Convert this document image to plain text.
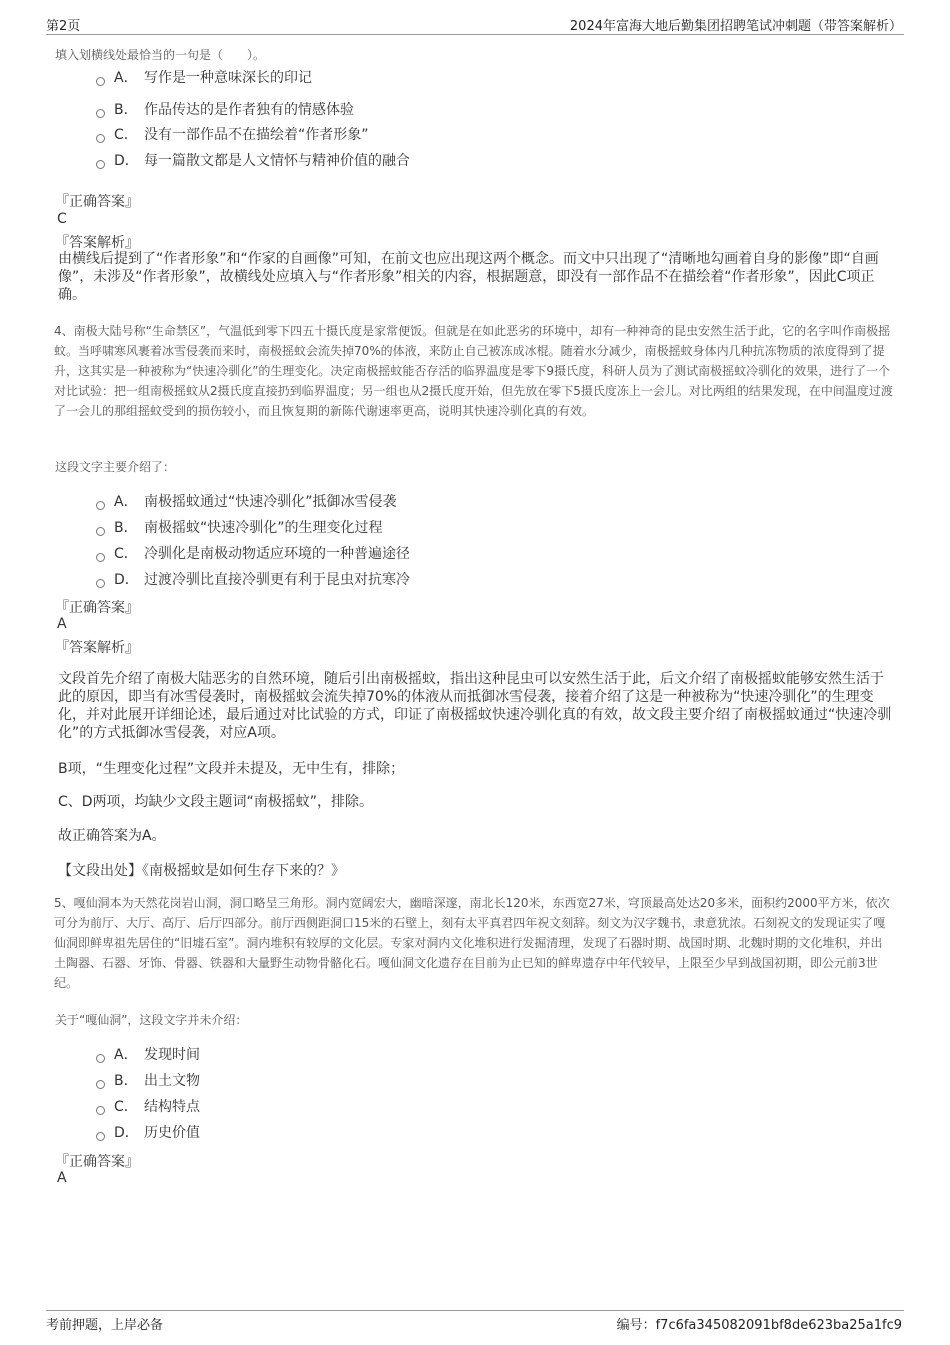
第2页	2024年富海大地后勤集团招聘笔试冲刺题（带答案解析）
填入划横线处最恰当的一句是（　　）。
A． 写作是一种意味深长的印记
B． 作品传达的是作者独有的情感体验
C． 没有一部作品不在描绘着“作者形象”
D． 每一篇散文都是人文情怀与精神价值的融合
『正确答案』
C
『答案解析』
由横线后提到了“作者形象”和“作家的自画像”可知，在前文也应出现这两个概念。而文中只出现了“清晰地勾画着自身的影像”即“自画像”，未涉及“作者形象”，故横线处应填入与“作者形象”相关的内容，根据题意，即没有一部作品不在描绘着“作者形象”，因此C项正确。
4、南极大陆号称“生命禁区”，气温低到零下四五十摄氏度是家常便饭。但就是在如此恶劣的环境中，却有一种神奇的昆虫安然生活于此，它的名字叫作南极摇蚊。当呼啸寒风裹着冰雪侵袭而来时，南极摇蚊会流失掉70%的体液，来防止自己被冻成冰棍。随着水分减少，南极摇蚊身体内几种抗冻物质的浓度得到了提升，这其实是一种被称为“快速冷驯化”的生理变化。决定南极摇蚊能否存活的临界温度是零下9摄氏度，科研人员为了测试南极摇蚊冷驯化的效果，进行了一个对比试验：把一组南极摇蚊从2摄氏度直接扔到临界温度；另一组也从2摄氏度开始，但先放在零下5摄氏度冻上一会儿。对比两组的结果发现，在中间温度过渡了一会儿的那组摇蚊受到的损伤较小，而且恢复期的新陈代谢速率更高，说明其快速冷驯化真的有效。
这段文字主要介绍了：
A． 南极摇蚊通过“快速冷驯化”抵御冰雪侵袭
B． 南极摇蚊“快速冷驯化”的生理变化过程
C． 冷驯化是南极动物适应环境的一种普遍途径
D． 过渡冷驯比直接冷驯更有利于昆虫对抗寒冷
『正确答案』
A
『答案解析』
文段首先介绍了南极大陆恶劣的自然环境，随后引出南极摇蚊，指出这种昆虫可以安然生活于此，后文介绍了南极摇蚊能够安然生活于此的原因，即当有冰雪侵袭时，南极摇蚊会流失掉70%的体液从而抵御冰雪侵袭，接着介绍了这是一种被称为“快速冷驯化”的生理变化，并对此展开详细论述，最后通过对比试验的方式，印证了南极摇蚊快速冷驯化真的有效，故文段主要介绍了南极摇蚊通过“快速冷驯化”的方式抵御冰雪侵袭，对应A项。
B项，“生理变化过程”文段并未提及，无中生有，排除；
C、D两项，均缺少文段主题词“南极摇蚊”，排除。
故正确答案为A。
【文段出处】《南极摇蚊是如何生存下来的？》
5、嘎仙洞本为天然花岗岩山洞，洞口略呈三角形。洞内宽阔宏大，幽暗深邃，南北长120米，东西宽27米，穹顶最高处达20多米，面积约2000平方米，依次可分为前厅、大厅、高厅、后厅四部分。前厅西侧距洞口15米的石壁上，刻有太平真君四年祝文刻辞。刻文为汉字魏书，隶意犹浓。石刻祝文的发现证实了嘎仙洞即鲜卑祖先居住的“旧墟石室”。洞内堆积有较厚的文化层。专家对洞内文化堆积进行发掘清理，发现了石器时期、战国时期、北魏时期的文化堆积，并出土陶器、石器、牙饰、骨器、铁器和大量野生动物骨骼化石。嘎仙洞文化遗存在目前为止已知的鲜卑遗存中年代较早，上限至少早到战国初期，即公元前3世纪。
关于“嘎仙洞”，这段文字并未介绍：
A． 发现时间
B． 出土文物
C． 结构特点
D． 历史价值
『正确答案』
A
考前押题，上岸必备	编号：f7c6fa345082091bf8de623ba25a1fc9
